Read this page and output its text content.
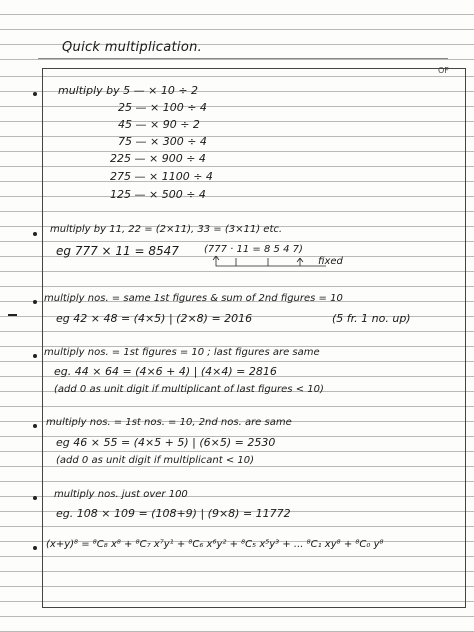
Quick multiplication.
OF
multiply by 5 — × 10 ÷ 2
25 — × 100 ÷ 4
45 — × 90 ÷ 2
75 — × 300 ÷ 4
225 — × 900 ÷ 4
275 — × 1100 ÷ 4
125 — × 500 ÷ 4
multiply by 11, 22 = (2×11), 33 = (3×11) etc.
eg 777 × 11 = 8547	(777 · 11 = 8 5 4 7)
fixed
multiply nos. = same 1st figures & sum of 2nd figures = 10
eg 42 × 48 = (4×5) | (2×8) = 2016	(5 fr. 1 no. up)
multiply nos. = 1st figures = 10 ; last figures are same
eg. 44 × 64 = (4×6 + 4) | (4×4) = 2816
(add 0 as unit digit if multiplicant of last figures < 10)
multiply nos. = 1st nos. = 10, 2nd nos. are same
eg 46 × 55 = (4×5 + 5) | (6×5) = 2530
(add 0 as unit digit if multiplicant < 10)
multiply nos. just over 100
eg. 108 × 109 = (108+9) | (9×8) = 11772
(x+y)⁸ = ⁸C₈ x⁸ + ⁸C₇ x⁷y¹ + ⁸C₆ x⁶y² + ⁸C₅ x⁵y³ + ... ⁸C₁ xy⁸ + ⁸C₀ y⁸
